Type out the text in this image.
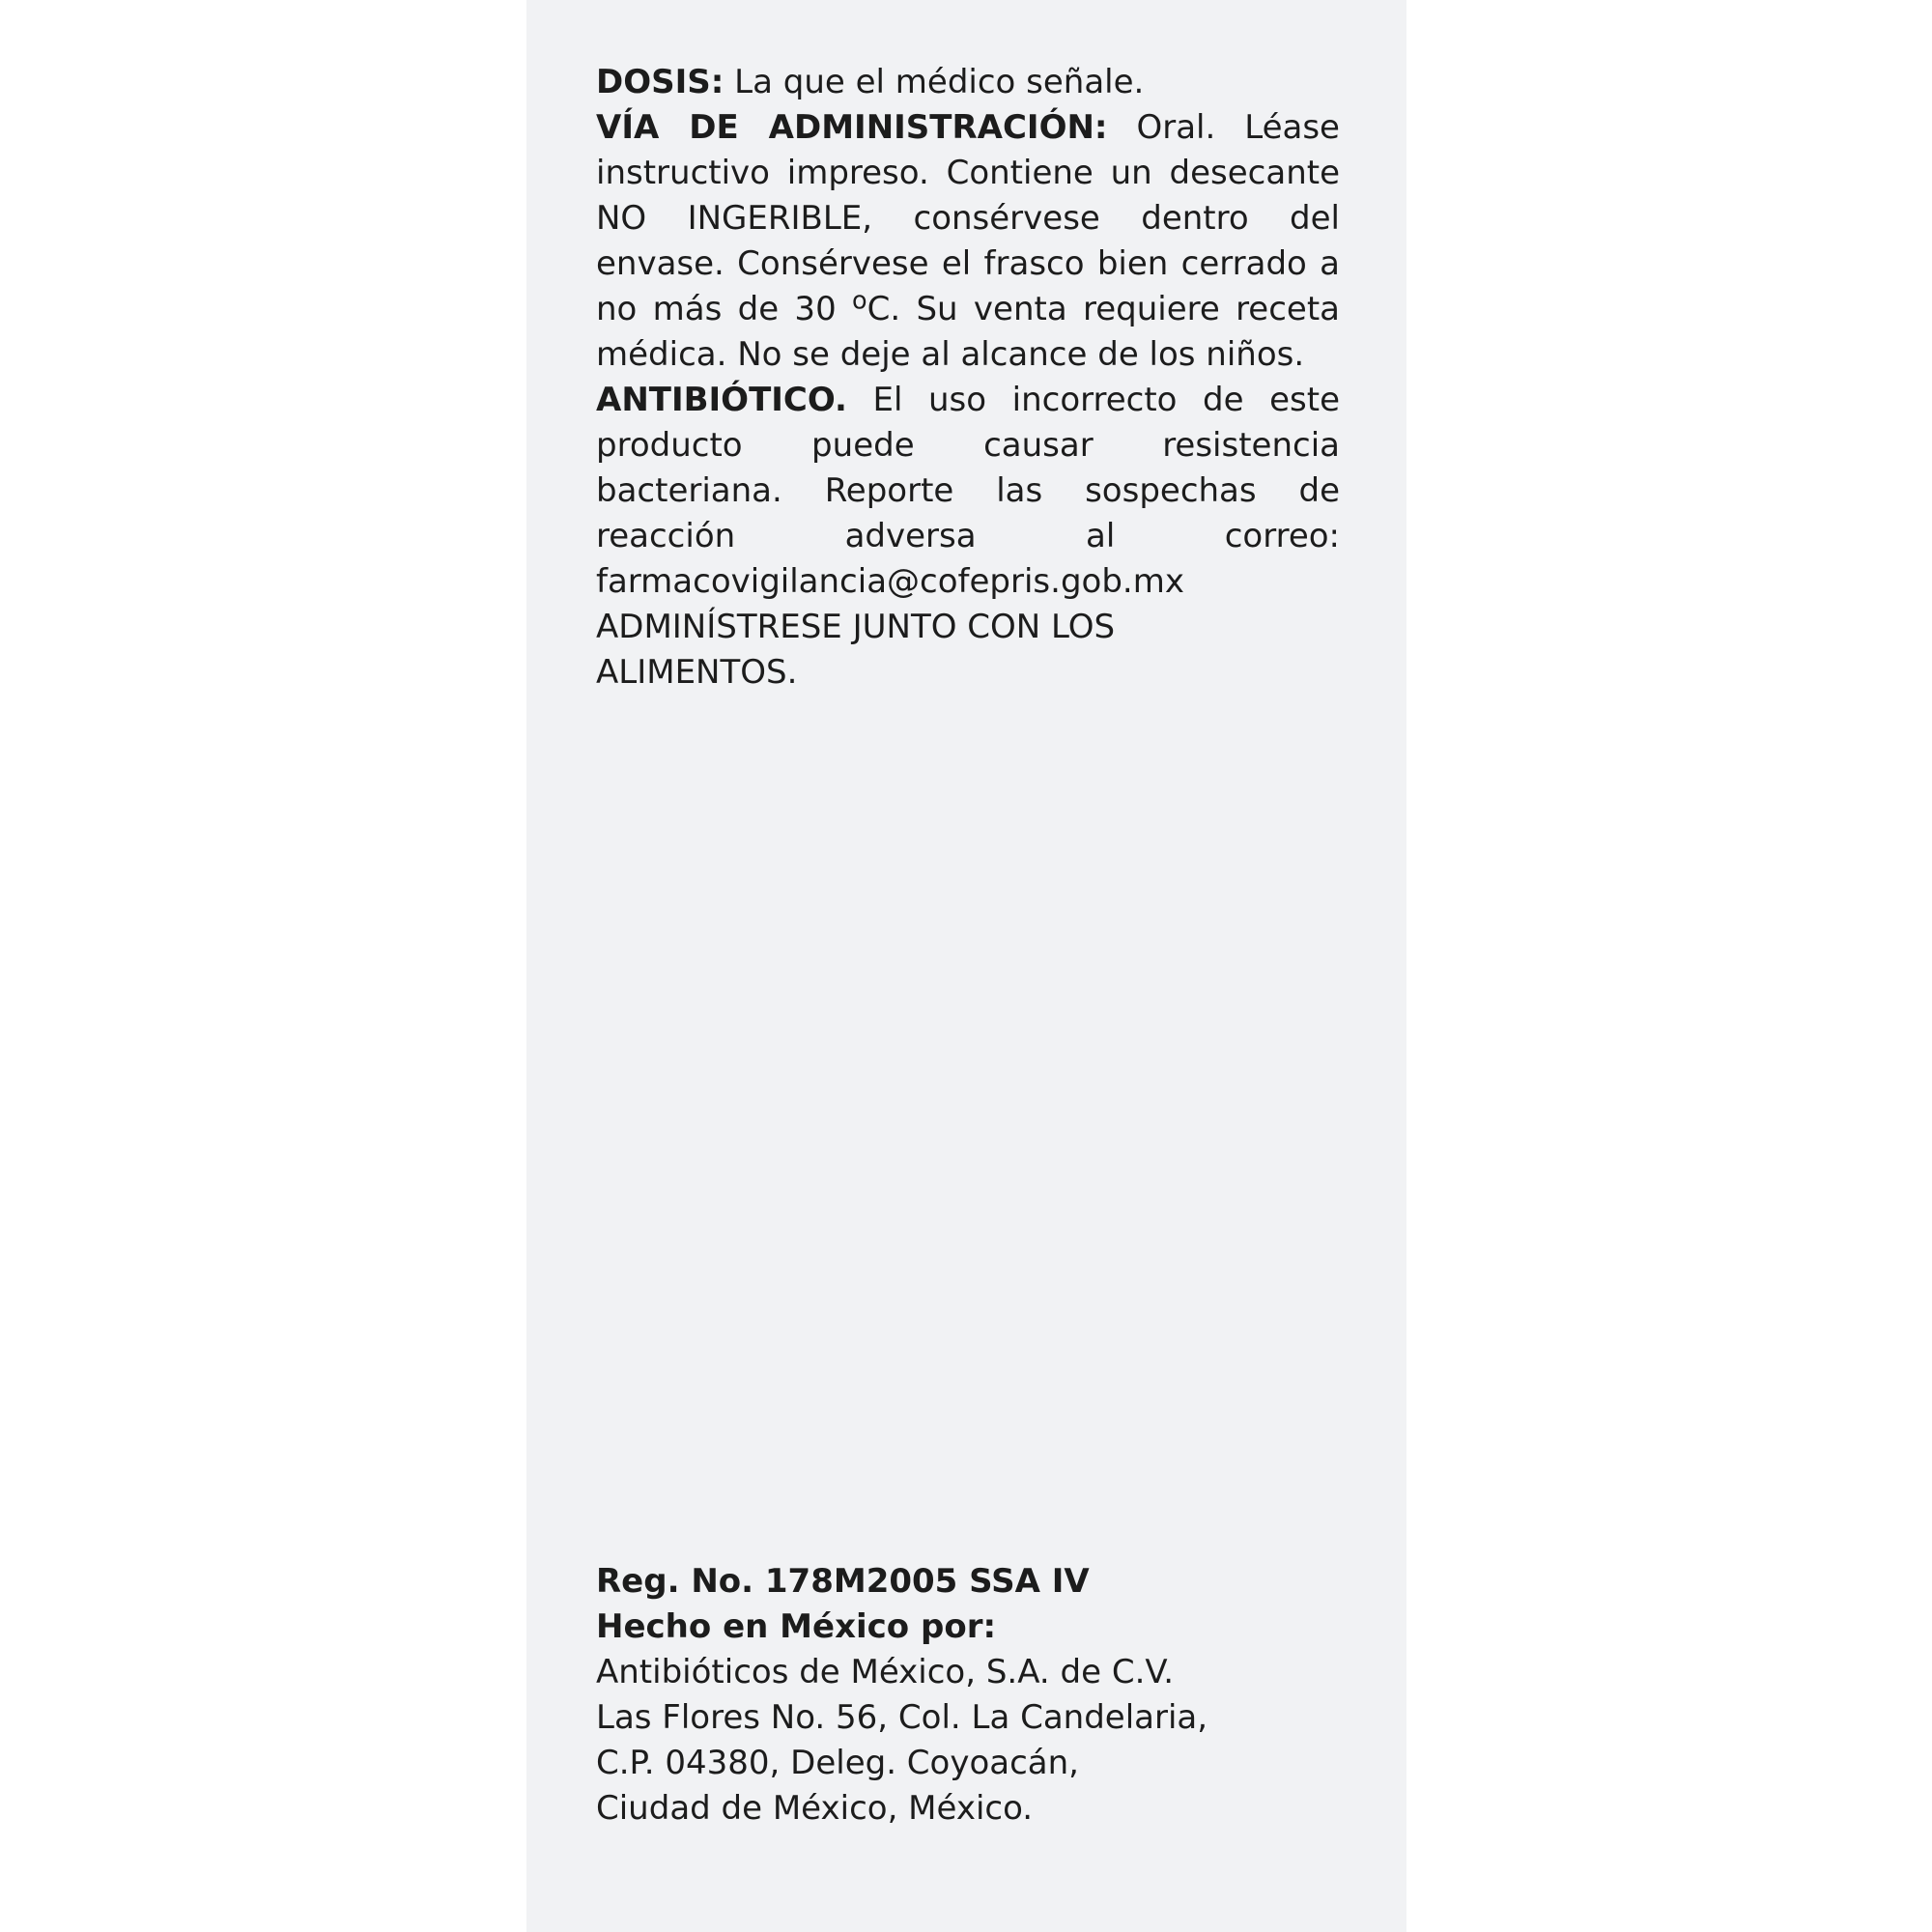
DOSIS: La que el médico señale.

VÍA DE ADMINISTRACIÓN: Oral. Léase instructivo impreso. Contiene un desecante NO INGERIBLE, consérvese dentro del envase. Consérvese el frasco bien cerrado a no más de 30 $^o$C. Su venta requiere receta médica. No se deje al alcance de los niños.

ANTIBIÓTICO. El uso incorrecto de este producto puede causar resistencia bacteriana. Reporte las sospechas de reacción adversa al correo: farmacovigilancia@cofepris.gob.mx

ADMINÍSTRESE JUNTO CON LOS

ALIMENTOS.

Reg. No. 178M2005 SSA IV

Hecho en México por:

Antibióticos de México, S.A. de C.V.

Las Flores No. 56, Col. La Candelaria,

C.P. 04380, Deleg. Coyoacán,

Ciudad de México, México.
